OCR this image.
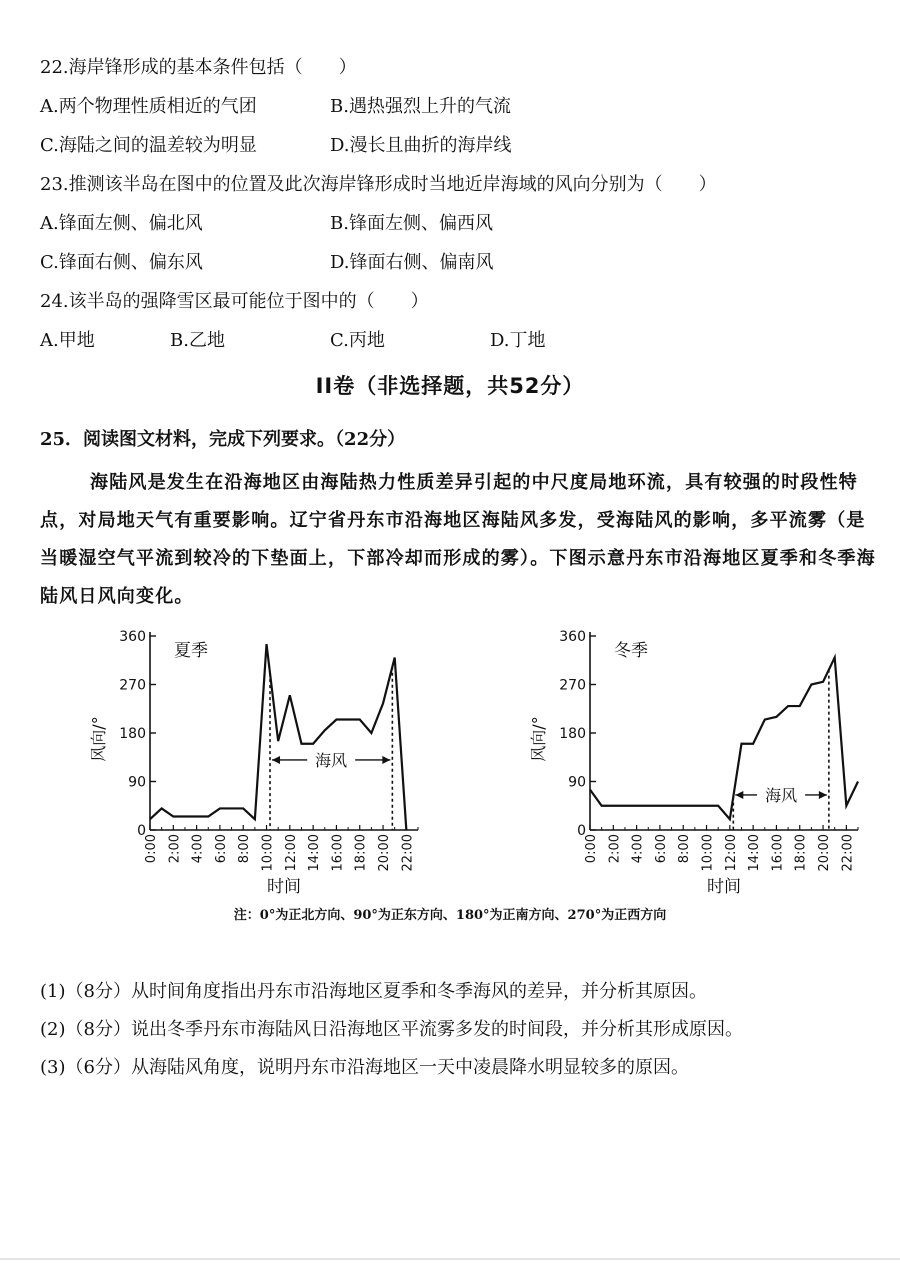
22.海岸锋形成的基本条件包括（　　）
A.两个物理性质相近的气团	B.遇热强烈上升的气流
C.海陆之间的温差较为明显	D.漫长且曲折的海岸线
23.推测该半岛在图中的位置及此次海岸锋形成时当地近岸海域的风向分别为（　　）
A.锋面左侧、偏北风	B.锋面左侧、偏西风
C.锋面右侧、偏东风	D.锋面右侧、偏南风
24.该半岛的强降雪区最可能位于图中的（　　）
A.甲地	B.乙地	C.丙地	D.丁地
II卷（非选择题，共52分）
25．阅读图文材料，完成下列要求。（22分）
海陆风是发生在沿海地区由海陆热力性质差异引起的中尺度局地环流，具有较强的时段性特点，对局地天气有重要影响。辽宁省丹东市沿海地区海陆风多发，受海陆风的影响，多平流雾（是当暖湿空气平流到较冷的下垫面上，下部冷却而形成的雾）。下图示意丹东市沿海地区夏季和冬季海陆风日风向变化。
0
90
180
270
360
0:00 2:00 4:00 6:00 8:00 10:00 12:00 14:00 16:00 18:00 20:00 22:00
海风
夏季
风向/°
时间
0
90
180
270
360
0:00 2:00 4:00 6:00 8:00 10:00 12:00 14:00 16:00 18:00 20:00 22:00
海风
冬季
风向/°
时间
注：0°为正北方向、90°为正东方向、180°为正南方向、270°为正西方向
(1)（8分）从时间角度指出丹东市沿海地区夏季和冬季海风的差异，并分析其原因。
(2)（8分）说出冬季丹东市海陆风日沿海地区平流雾多发的时间段，并分析其形成原因。
(3)（6分）从海陆风角度，说明丹东市沿海地区一天中凌晨降水明显较多的原因。
